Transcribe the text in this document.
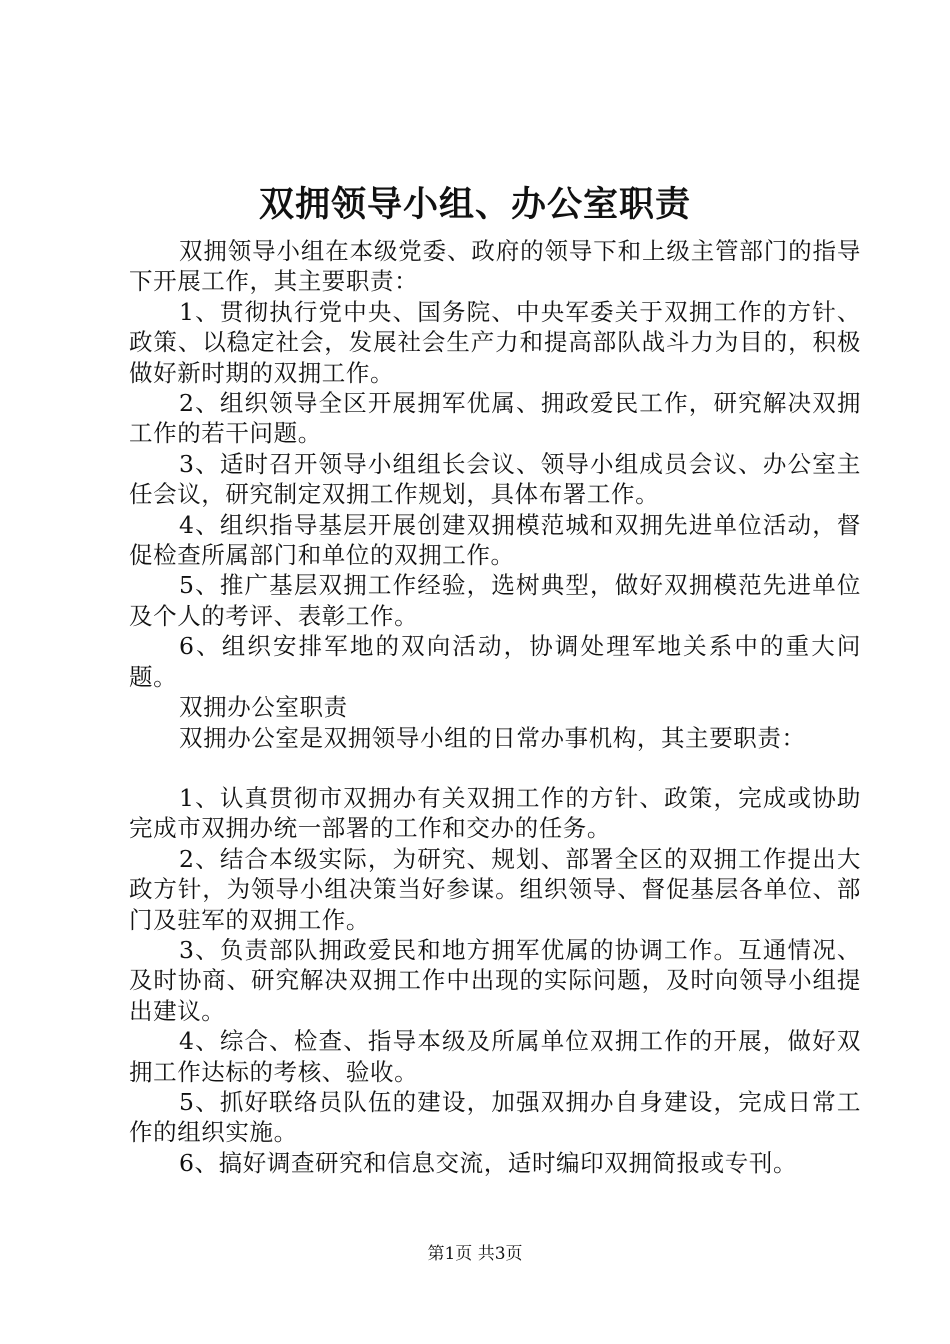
双拥领导小组、办公室职责

双拥领导小组在本级党委、政府的领导下和上级主管部门的指导下开展工作，其主要职责：

1、贯彻执行党中央、国务院、中央军委关于双拥工作的方针、政策、以稳定社会，发展社会生产力和提高部队战斗力为目的，积极做好新时期的双拥工作。

2、组织领导全区开展拥军优属、拥政爱民工作，研究解决双拥工作的若干问题。

3、适时召开领导小组组长会议、领导小组成员会议、办公室主任会议，研究制定双拥工作规划，具体布署工作。

4、组织指导基层开展创建双拥模范城和双拥先进单位活动，督促检查所属部门和单位的双拥工作。

5、推广基层双拥工作经验，选树典型，做好双拥模范先进单位及个人的考评、表彰工作。

6、组织安排军地的双向活动，协调处理军地关系中的重大问题。

双拥办公室职责

双拥办公室是双拥领导小组的日常办事机构，其主要职责：

1、认真贯彻市双拥办有关双拥工作的方针、政策，完成或协助完成市双拥办统一部署的工作和交办的任务。

2、结合本级实际，为研究、规划、部署全区的双拥工作提出大政方针，为领导小组决策当好参谋。组织领导、督促基层各单位、部门及驻军的双拥工作。

3、负责部队拥政爱民和地方拥军优属的协调工作。互通情况、及时协商、研究解决双拥工作中出现的实际问题，及时向领导小组提出建议。

4、综合、检查、指导本级及所属单位双拥工作的开展，做好双拥工作达标的考核、验收。

5、抓好联络员队伍的建设，加强双拥办自身建设，完成日常工作的组织实施。

6、搞好调查研究和信息交流，适时编印双拥简报或专刊。

第1页 共3页
